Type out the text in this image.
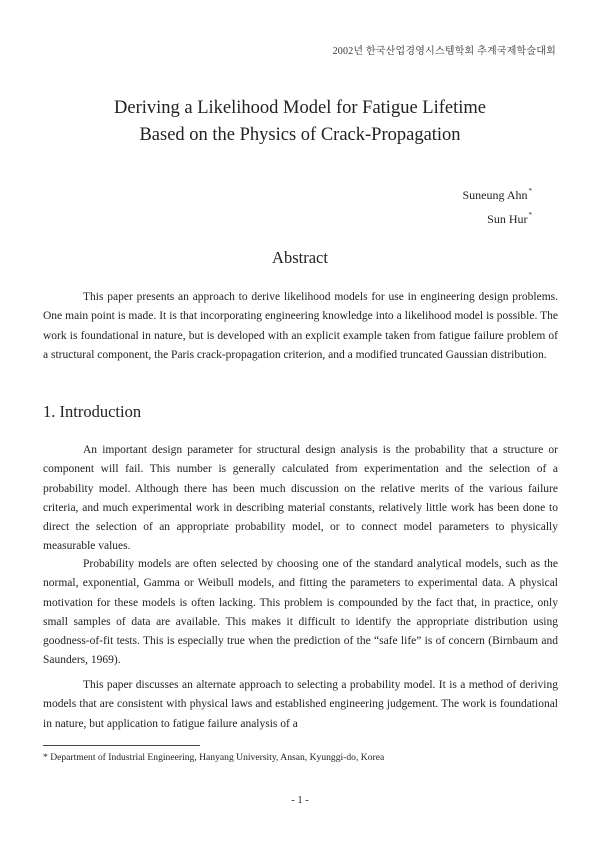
2002년 한국산업경영시스템학회 추계국제학술대회
Deriving a Likelihood Model for Fatigue Lifetime
Based on the Physics of Crack-Propagation
Suneung Ahn*
Sun Hur*
Abstract

This paper presents an approach to derive likelihood models for use in engineering design problems. One main point is made. It is that incorporating engineering knowledge into a likelihood model is possible. The work is foundational in nature, but is developed with an explicit example taken from fatigue failure problem of a structural component, the Paris crack-propagation criterion, and a modified truncated Gaussian distribution.

1. Introduction

An important design parameter for structural design analysis is the probability that a structure or component will fail. This number is generally calculated from experimentation and the selection of a probability model. Although there has been much discussion on the relative merits of the various failure criteria, and much experimental work in describing material constants, relatively little work has been done to direct the selection of an appropriate probability model, or to connect model parameters to physically measurable values.

Probability models are often selected by choosing one of the standard analytical models, such as the normal, exponential, Gamma or Weibull models, and fitting the parameters to experimental data. A physical motivation for these models is often lacking. This problem is compounded by the fact that, in practice, only small samples of data are available. This makes it difficult to identify the appropriate distribution using goodness-of-fit tests. This is especially true when the prediction of the “safe life” is of concern (Birnbaum and Saunders, 1969).

This paper discusses an alternate approach to selecting a probability model. It is a method of deriving models that are consistent with physical laws and established engineering judgement. The work is foundational in nature, but application to fatigue failure analysis of a

* Department of Industrial Engineering, Hanyang University, Ansan, Kyunggi-do, Korea
- 1 -
